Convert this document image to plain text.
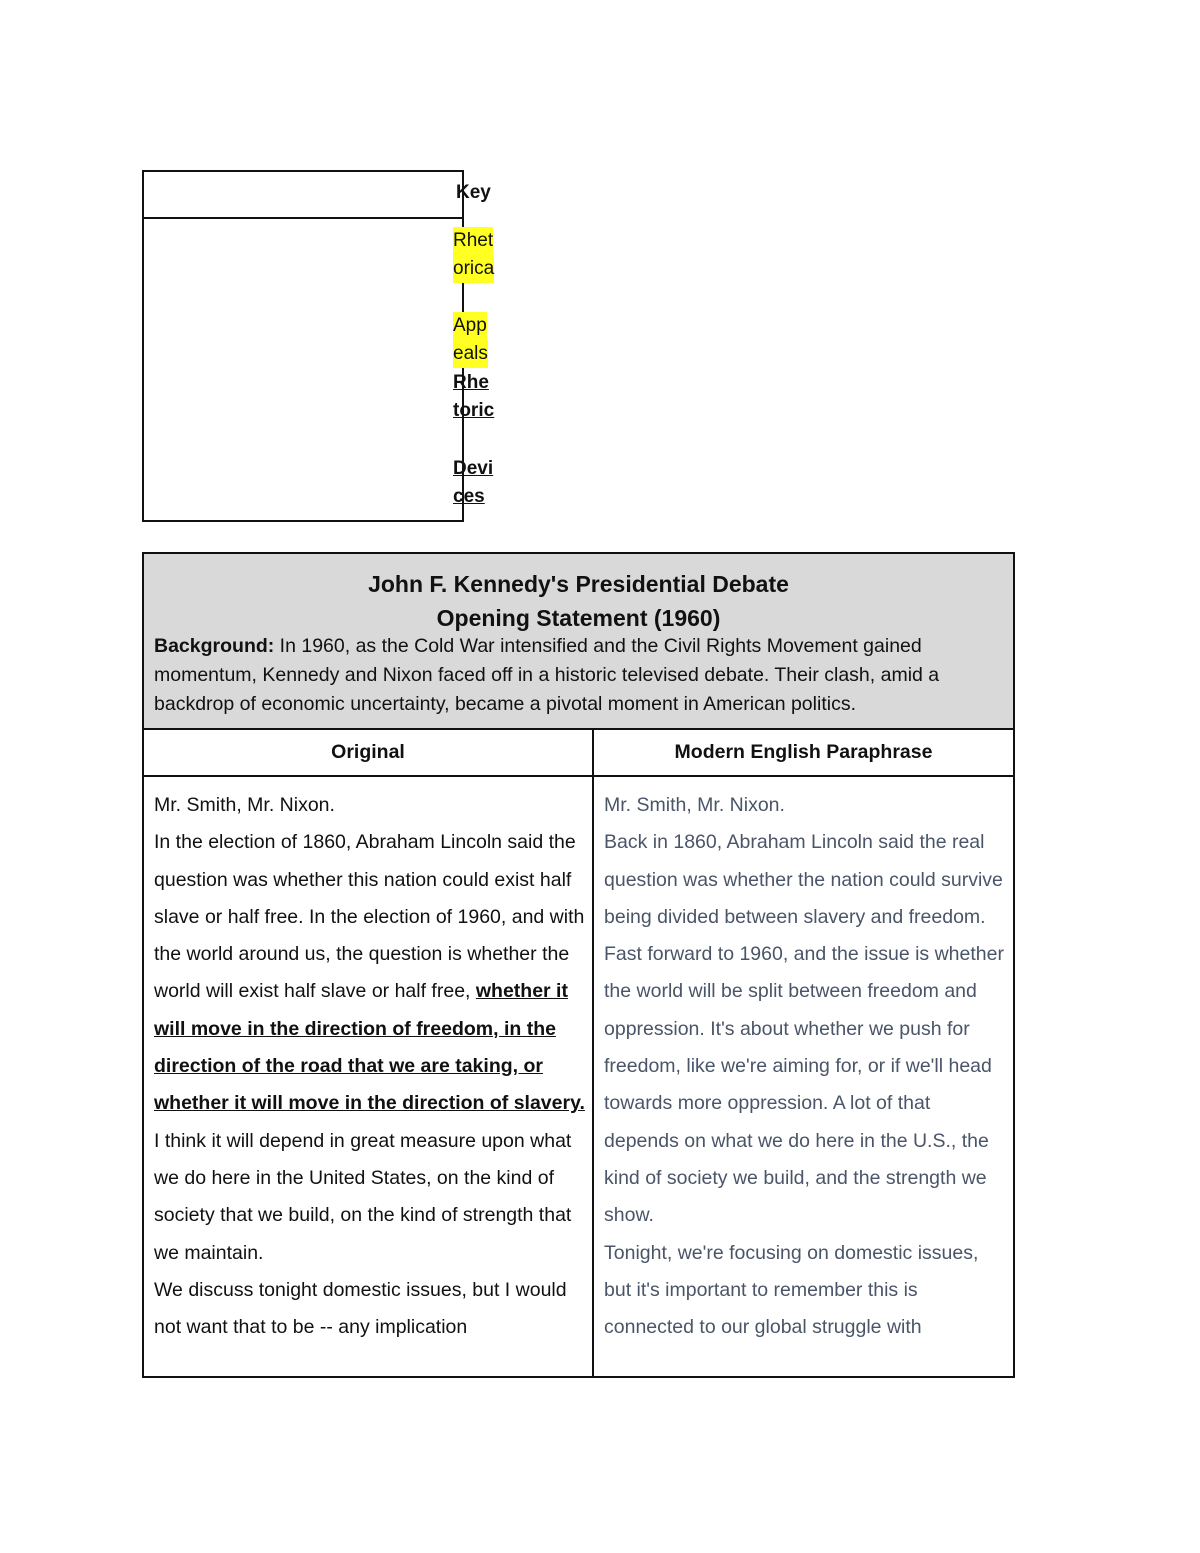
Key
Rhet
orica
App
eals
Rhe
toric
Devi
ces
John F. Kennedy's Presidential Debate
Opening Statement (1960)
Background: In 1960, as the Cold War intensified and the Civil Rights Movement gained momentum, Kennedy and Nixon faced off in a historic televised debate. Their clash, amid a backdrop of economic uncertainty, became a pivotal moment in American politics.
Original	Modern English Paraphrase

Mr. Smith, Mr. Nixon.

In the election of 1860, Abraham Lincoln said the question was whether this nation could exist half slave or half free. In the election of 1960, and with the world around us, the question is whether the world will exist half slave or half free, whether it will move in the direction of freedom, in the direction of the road that we are taking, or whether it will move in the direction of slavery. I think it will depend in great measure upon what we do here in the United States, on the kind of society that we build, on the kind of strength that we maintain.

We discuss tonight domestic issues, but I would not want that to be -- any implication

Mr. Smith, Mr. Nixon.

Back in 1860, Abraham Lincoln said the real question was whether the nation could survive being divided between slavery and freedom. Fast forward to 1960, and the issue is whether the world will be split between freedom and oppression. It's about whether we push for freedom, like we're aiming for, or if we'll head towards more oppression. A lot of that depends on what we do here in the U.S., the kind of society we build, and the strength we show.

Tonight, we're focusing on domestic issues, but it's important to remember this is connected to our global struggle with
